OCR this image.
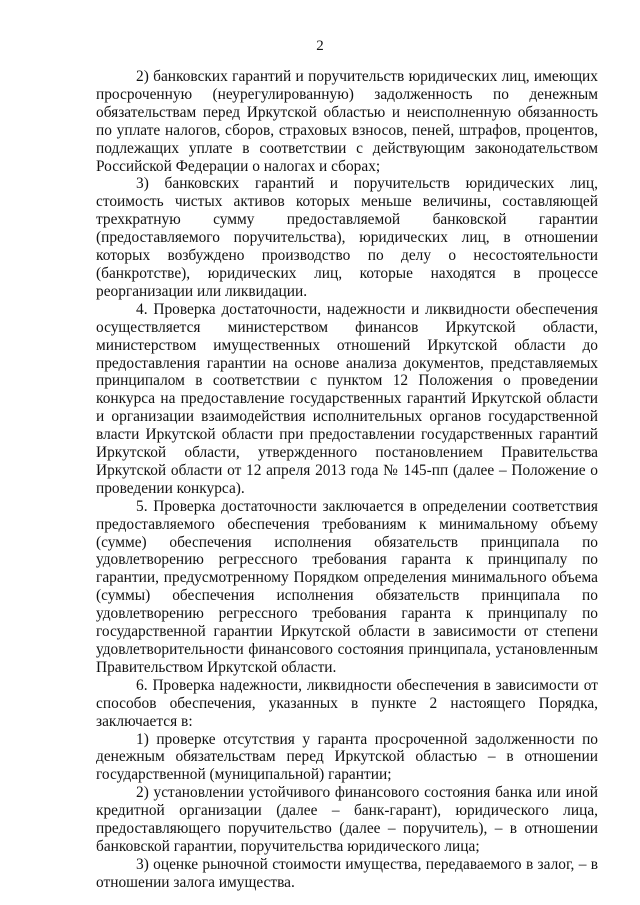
2

2) банковских гарантий и поручительств юридических лиц, имеющих просроченную (неурегулированную) задолженность по денежным обязательствам перед Иркутской областью и неисполненную обязанность по уплате налогов, сборов, страховых взносов, пеней, штрафов, процентов, подлежащих уплате в соответствии с действующим законодательством Российской Федерации о налогах и сборах;

3) банковских гарантий и поручительств юридических лиц, стоимость чистых активов которых меньше величины, составляющей трехкратную сумму предоставляемой банковской гарантии (предоставляемого поручительства), юридических лиц, в отношении которых возбуждено производство по делу о несостоятельности (банкротстве), юридических лиц, которые находятся в процессе реорганизации или ликвидации.

4. Проверка достаточности, надежности и ликвидности обеспечения осуществляется министерством финансов Иркутской области, министерством имущественных отношений Иркутской области до предоставления гарантии на основе анализа документов, представляемых принципалом в соответствии с пунктом 12 Положения о проведении конкурса на предоставление государственных гарантий Иркутской области и организации взаимодействия исполнительных органов государственной власти Иркутской области при предоставлении государственных гарантий Иркутской области, утвержденного постановлением Правительства Иркутской области от 12 апреля 2013 года № 145-пп (далее – Положение о проведении конкурса).

5. Проверка достаточности заключается в определении соответствия предоставляемого обеспечения требованиям к минимальному объему (сумме) обеспечения исполнения обязательств принципала по удовлетворению регрессного требования гаранта к принципалу по гарантии, предусмотренному Порядком определения минимального объема (суммы) обеспечения исполнения обязательств принципала по удовлетворению регрессного требования гаранта к принципалу по государственной гарантии Иркутской области в зависимости от степени удовлетворительности финансового состояния принципала, установленным Правительством Иркутской области.

6. Проверка надежности, ликвидности обеспечения в зависимости от способов обеспечения, указанных в пункте 2 настоящего Порядка, заключается в:

1) проверке отсутствия у гаранта просроченной задолженности по денежным обязательствам перед Иркутской областью – в отношении государственной (муниципальной) гарантии;

2) установлении устойчивого финансового состояния банка или иной кредитной организации (далее – банк-гарант), юридического лица, предоставляющего поручительство (далее – поручитель), – в отношении банковской гарантии, поручительства юридического лица;

3) оценке рыночной стоимости имущества, передаваемого в залог, – в отношении залога имущества.
